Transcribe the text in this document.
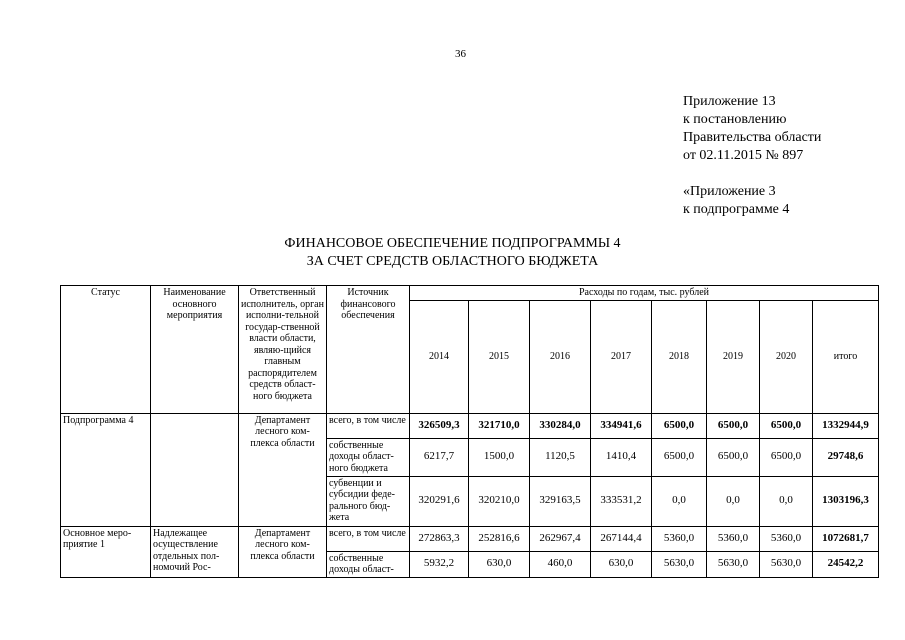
36
Приложение 13
к постановлению
Правительства области
от 02.11.2015 № 897
«Приложение 3
к подпрограмме 4
ФИНАНСОВОЕ ОБЕСПЕЧЕНИЕ ПОДПРОГРАММЫ 4
ЗА СЧЕТ СРЕДСТВ ОБЛАСТНОГО БЮДЖЕТА
Статус	Наименование основного мероприятия	Ответственный исполнитель, орган исполни-тельной государ-ственной власти области, являю-щийся главным распорядителем средств област-ного бюджета	Источник финансового обеспечения	Расходы по годам, тыс. рублей							
				2014	2015	2016	2017	2018	2019	2020	итого
Подпрограмма 4		Департамент лесного ком-плекса области	всего, в том числе	326509,3	321710,0	330284,0	334941,6	6500,0	6500,0	6500,0	1332944,9
			собственные доходы област-ного бюджета	6217,7	1500,0	1120,5	1410,4	6500,0	6500,0	6500,0	29748,6
			субвенции и субсидии феде-рального бюд-жета	320291,6	320210,0	329163,5	333531,2	0,0	0,0	0,0	1303196,3
Основное меро-приятие 1	Надлежащее осуществление отдельных пол-номочий Рос-	Департамент лесного ком-плекса области	всего, в том числе	272863,3	252816,6	262967,4	267144,4	5360,0	5360,0	5360,0	1072681,7
			собственные доходы област-	5932,2	630,0	460,0	630,0	5630,0	5630,0	5630,0	24542,2
